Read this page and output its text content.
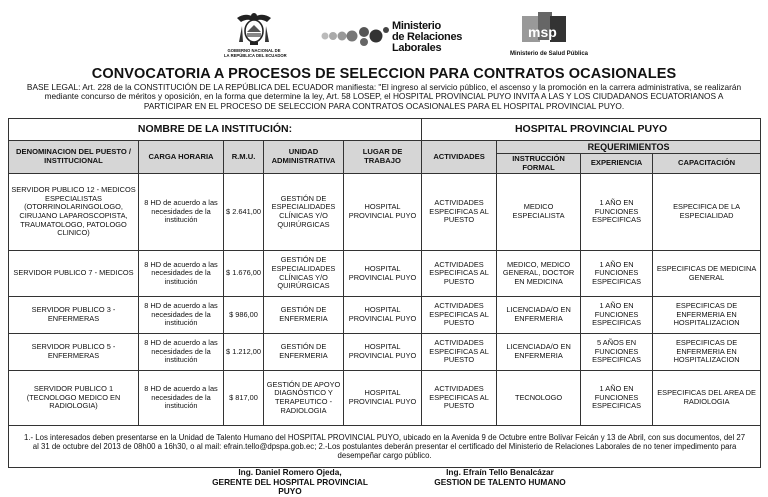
GOBIERNO NACIONAL DE
LA REPÚBLICA DEL ECUADOR
Ministerio
de Relaciones
Laborales
msp
Ministerio de Salud Pública
CONVOCATORIA A PROCESOS DE SELECCION PARA CONTRATOS OCASIONALES
BASE LEGAL: Art. 228 de la CONSTITUCIÓN DE LA REPÚBLICA DEL ECUADOR manifiesta: "El ingreso al servicio público, el ascenso y la promoción en la carrera administrativa, se realizarán mediante concurso de méritos y oposición, en la forma que determine la ley, Art. 58 LOSEP, el HOSPITAL PROVINCIAL PUYO INVITA A LAS Y LOS CIUDADANOS ECUATORIANOS A PARTICIPAR EN EL PROCESO DE SELECCION PARA CONTRATOS OCASIONALES PARA EL HOSPITAL PROVINCIAL PUYO.
NOMBRE DE LA INSTITUCIÓN:					HOSPITAL PROVINCIAL PUYO			
DENOMINACION DEL PUESTO / INSTITUCIONAL	CARGA HORARIA	R.M.U.	UNIDAD ADMINISTRATIVA	LUGAR DE TRABAJO	ACTIVIDADES	REQUERIMIENTOS		
						INSTRUCCIÓN FORMAL	EXPERIENCIA	CAPACITACIÓN
SERVIDOR PUBLICO 12 - MEDICOS ESPECIALISTAS (OTORRINOLARINGOLOGO, CIRUJANO LAPAROSCOPISTA, TRAUMATOLOGO, PATOLOGO CLINICO)	8 HD de acuerdo a las necesidades de la institución	$ 2.641,00	GESTIÓN DE ESPECIALIDADES CLÍNICAS Y/O QUIRÚRGICAS	HOSPITAL PROVINCIAL PUYO	ACTIVIDADES ESPECIFICAS AL PUESTO	MEDICO ESPECIALISTA	1 AÑO EN FUNCIONES ESPECIFICAS	ESPECIFICA DE LA ESPECIALIDAD
SERVIDOR PUBLICO 7 - MEDICOS	8 HD de acuerdo a las necesidades de la institución	$ 1.676,00	GESTIÓN DE ESPECIALIDADES CLÍNICAS Y/O QUIRÚRGICAS	HOSPITAL PROVINCIAL PUYO	ACTIVIDADES ESPECIFICAS AL PUESTO	MEDICO, MEDICO GENERAL, DOCTOR EN MEDICINA	1 AÑO EN FUNCIONES ESPECIFICAS	ESPECIFICAS DE MEDICINA GENERAL
SERVIDOR PUBLICO 3 - ENFERMERAS	8 HD de acuerdo a las necesidades de la institución	$ 986,00	GESTIÓN DE ENFERMERIA	HOSPITAL PROVINCIAL PUYO	ACTIVIDADES ESPECIFICAS AL PUESTO	LICENCIADA/O EN ENFERMERIA	1 AÑO EN FUNCIONES ESPECIFICAS	ESPECIFICAS DE ENFERMERIA EN HOSPITALIZACION
SERVIDOR PUBLICO 5 - ENFERMERAS	8 HD de acuerdo a las necesidades de la institución	$ 1.212,00	GESTIÓN DE ENFERMERIA	HOSPITAL PROVINCIAL PUYO	ACTIVIDADES ESPECIFICAS AL PUESTO	LICENCIADA/O EN ENFERMERIA	5 AÑOS EN FUNCIONES ESPECIFICAS	ESPECIFICAS DE ENFERMERIA EN HOSPITALIZACION
SERVIDOR PUBLICO 1 (TECNOLOGO MEDICO EN RADIOLOGIA)	8 HD de acuerdo a las necesidades de la institución	$ 817,00	GESTIÓN DE APOYO DIAGNÓSTICO Y TERAPEUTICO - RADIOLOGIA	HOSPITAL PROVINCIAL PUYO	ACTIVIDADES ESPECIFICAS AL PUESTO	TECNOLOGO	1 AÑO EN FUNCIONES ESPECIFICAS	ESPECIFICAS DEL AREA DE RADIOLOGIA
1.- Los interesados deben presentarse en la Unidad de Talento Humano del HOSPITAL PROVINCIAL PUYO, ubicado en la Avenida 9 de Octubre entre Bolívar Feicán y 13 de Abril, con sus documentos, del 27 al 31 de octubre del 2013 de 08h00 a 16h30, o al mail: efrain.tello@dpspa.gob.ec; 2.-Los postulantes deberán presentar el certificado del Ministerio de Relaciones Laborales de no tener impedimento para desempeñar cargo público.								
Ing. Daniel Romero Ojeda,
GERENTE DEL HOSPITAL PROVINCIAL PUYO
Ing. Efraín Tello Benalcázar
GESTION DE TALENTO HUMANO
